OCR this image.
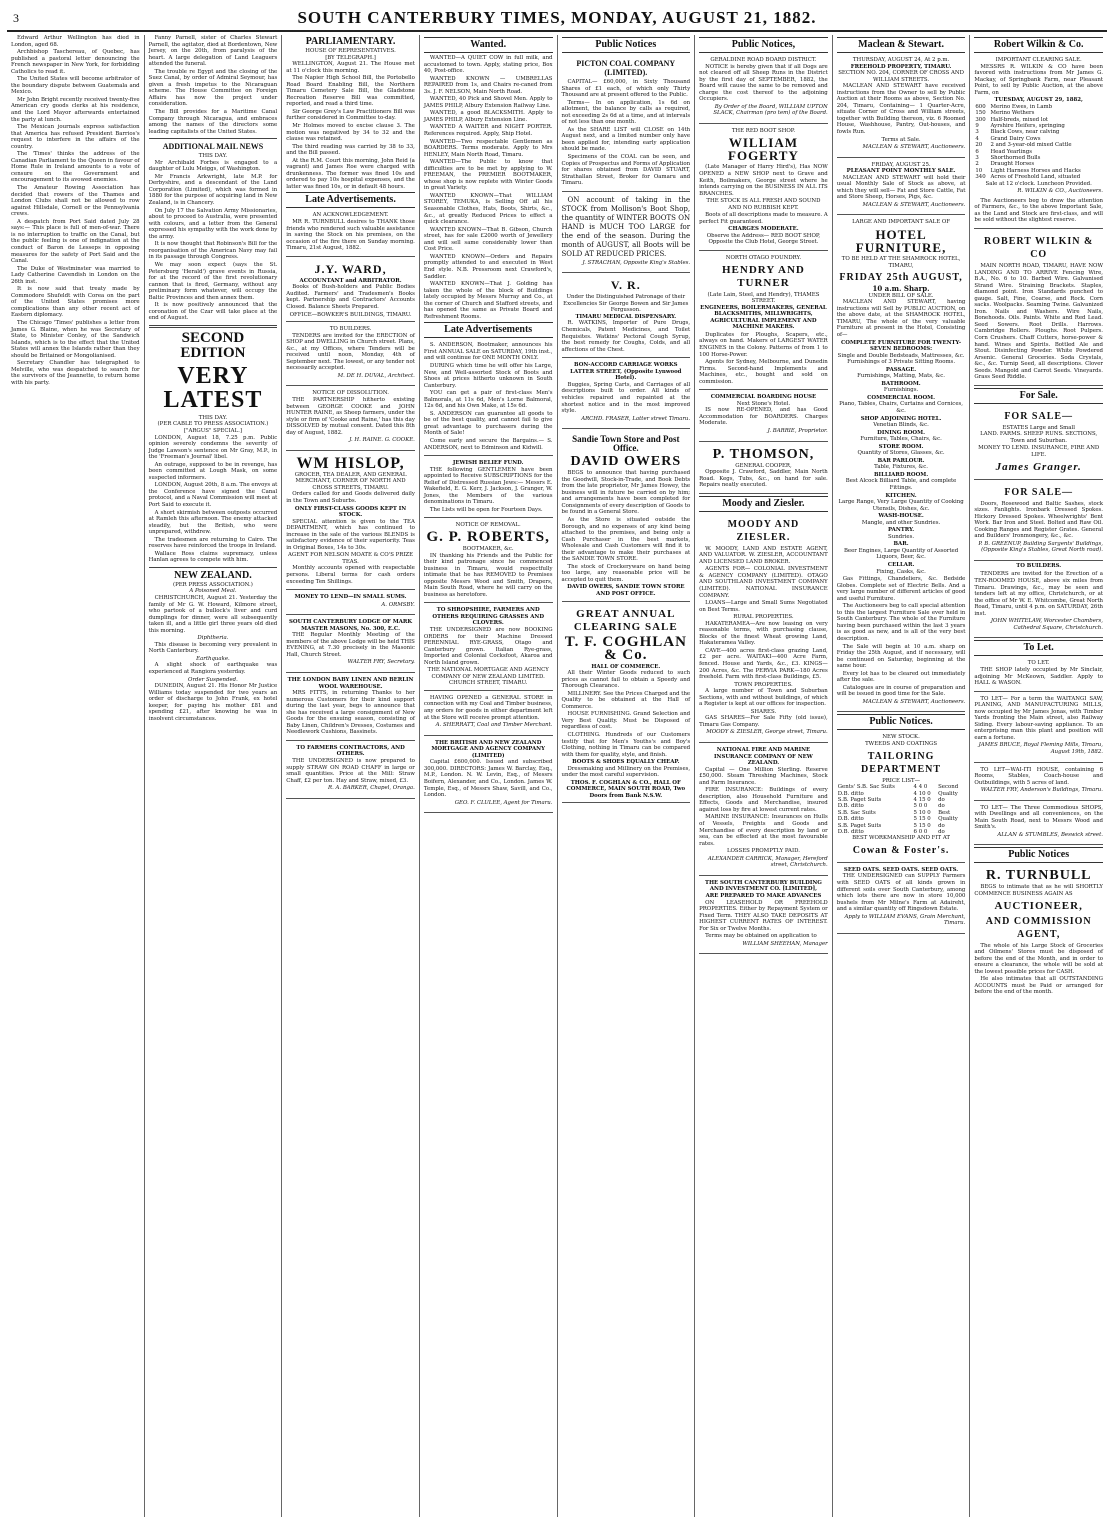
3	SOUTH CANTERBURY TIMES, MONDAY, AUGUST 21, 1882.

Edward Arthur Wellington has died in London, aged 68.

Archbishop Taschereau, of Quebec, has published a pastoral letter denouncing the French newspaper in New York, for forbidding Catholics to read it.

The United States will become arbitrator of the boundary dispute between Guatemala and Mexico.

Mr John Bright recently received twenty-five American cry goods clerks at his residence, and the Lord Mayor afterwards entertained the party at lunch.

The Mexican journals express satisfaction that America has refused President Barrios's request to interfere in the affairs of the country.

The 'Times' thinks the address of the Canadian Parliament to the Queen in favour of Home Rule in Ireland amounts to a vote of censure on the Government and encouragement to its avowed enemies.

The Amateur Rowing Association has decided that rowers of the Thames and London Clubs shall not be allowed to row against Hillsdale, Cornell or the Pennsylvania crews.

A despatch from Port Said dated July 28 says:— This place is full of men-of-war. There is no interruption to traffic on the Canal, but the public feeling is one of indignation at the conduct of Baron de Lesseps in opposing measures for the safety of Port Said and the Canal.

The Duke of Westminster was married to Lady Catherine Cavendish in London on the 26th inst.

It is now said that treaty made by Commodore Shufeldt with Corea on the part of the United States promises more complications than any other recent act of Eastern diplomacy.

The Chicago 'Times' publishes a letter from James G. Blaine, when he was Secretary of State, to Minister Conley, of the Sandwich Islands, which is to the effect that the United States will annex the Islands rather than they should be Britained or Mongolianised.

Secretary Chandler has telegraphed to Melville, who was despatched to search for the survivors of the Jeannette, to return home with his party.

Fanny Parnell, sister of Charles Stewart Parnell, the agitator, died at Bordentown, New Jersey, on the 20th, from paralysis of the heart. A large delegation of Land Leaguers attended the funeral.

The trouble re Egypt and the closing of the Suez Canal, by order of Admiral Seymour, has given a fresh impetus to the Nicaraguan scheme. The House Committee on Foreign Affairs has now the project under consideration.

The Bill provides for a Maritime Canal Company through Nicaragua, and embraces among the names of the directors some leading capitalists of the United States.

ADDITIONAL MAIL NEWS
THIS DAY.

Mr Archibald Forbes is engaged to a daughter of Lulu Meiggs, of Washington.

Mr Francis Arkwright, late M.P. for Derbyshire, and a descendant of the Land Corporation (Limited), which was formed in 1880 for the purpose of acquiring land in New Zealand, is in Chancery.

On July 17 the Salvation Army Missionaries, about to proceed to Australia, were presented with colours, and a letter from the General expressed his sympathy with the work done by the army.

It is now thought that Robinson's Bill for the reorganisation of the American Navy may fail in its passage through Congress.

We may soon expect (says the St. Petersburg 'Herald') grave events in Russia, for at the record of the first revolutionary cannon that is fired, Germany, without any preliminary form whatever, will occupy the Baltic Provinces and then annex them.

It is now positively announced that the coronation of the Czar will take place at the end of August.

SECOND EDITION
VERY LATEST
THIS DAY.
(PER CABLE TO PRESS ASSOCIATION.)
["ARGUS" SPECIAL.]

LONDON, August 18, 7.25 p.m. Public opinion severely condemns the severity of Judge Lawson's sentence on Mr Gray, M.P., in the 'Freeman's Journal' libel.

An outrage, supposed to be in revenge, has been committed at Lough Mask, on some suspected informers.

LONDON, August 20th, 8 a.m. The envoys at the Conference have signed the Canal protocol, and a Naval Commission will meet at Port Said to execute it.

A short skirmish between outposts occurred at Ramleh this afternoon. The enemy attacked steadily, but the British, who were unprepared, withdrew.

The tradesmen are returning to Cairo. The reserves have reinforced the troops in Ireland.

Wallace Ross claims supremacy, unless Hanlan agrees to compete with him.

NEW ZEALAND.
(PER PRESS ASSOCIATION.)
A Poisoned Meal.

CHRISTCHURCH, August 21. Yesterday the family of Mr G. W. Howard, Kilmore street, who partook of a bullock's liver and curd dumplings for dinner, were all subsequently taken ill, and a little girl three years old died this morning.

Diphtheria.

This disease is becoming very prevalent in North Canterbury.

Earthquake.

A slight shock of earthquake was experienced at Rangiora yesterday.

Order Suspended.

DUNEDIN, August 21. His Honor Mr Justice Williams today suspended for two years an order of discharge to John Frank, ex hotel keeper, for paying his mother £81 and spending £21, after knowing he was in insolvent circumstances.

PARLIAMENTARY.
HOUSE OF REPRESENTATIVES.
[BY TELEGRAPH.]

WELLINGTON, August 21. The House met at 11 o'clock this morning.

The Napier High School Bill, the Portobello Road Board Enabling Bill, the Northern Timaru Cemetery Sale Bill, the Gladstone Recreation Reserve Bill was committed, reported, and read a third time.

Sir George Grey's Law Practitioners Bill was further considered in Committee to-day.

Mr Holmes moved to excise clause 3. The motion was negatived by 34 to 32 and the clause was retained.

The third reading was carried by 38 to 33, and the Bill passed.

At the R.M. Court this morning, John Reid (a vagrant) and James Roe were charged with drunkenness. The former was fined 10s and ordered to pay 10s hospital expenses, and the latter was fined 10s, or in default 48 hours.

Late Advertisements.
AN ACKNOWLEDGEMENT.

MR R. TURNBULL desires to THANK those friends who rendered such valuable assistance in saving the Stock on his premises, on the occasion of the fire there on Sunday morning. Timaru, 21st August, 1882.

J.Y. WARD,
ACCOUNTANT and ARBITRATOR.

Books of Bush-holders and Public Bodies Audited. Farmers' and Tradesmen's Books kept. Partnership and Contractors' Accounts Closed. Balance Sheets Prepared.

OFFICE—BOWKER'S BUILDINGS, TIMARU.
TO BUILDERS.

TENDERS are invited for the ERECTION of SHOP and DWELLING in Church street. Plans, &c., at my Offices, where Tenders will be received until noon, Monday, 4th of September next. The lowest, or any tender not necessarily accepted.

M. DE H. DUVAL, Architect.
NOTICE OF DISSOLUTION.

THE PARTNERSHIP hitherto existing between GEORGE COOKE and JOHN HUNTER RAINE, as Sheep farmers, under the style or firm of 'Cooke and Raine,' has this day DISSOLVED by mutual consent. Dated this 8th day of August, 1882.

J. H. RAINE. G. COOKE.
WM HISLOP,
GROCER, TEA DEALER, AND GENERAL MERCHANT, CORNER OF NORTH AND CROSS STREETS, TIMARU.

Orders called for and Goods delivered daily in the Town and Suburbs.

ONLY FIRST-CLASS GOODS KEPT IN STOCK.

SPECIAL attention is given to the TEA DEPARTMENT, which has continued to increase in the sale of the various BLENDS is satisfactory evidence of their superiority. Teas in Original Boxes, 14s to 30s.

AGENT FOR NELSON MOATE & CO'S PRIZE TEAS.

Monthly accounts opened with respectable persons. Liberal terms for cash orders exceeding Ten Shillings.

MONEY TO LEND—IN SMALL SUMS.
A. ORMSBY.
SOUTH CANTERBURY LODGE OF MARK MASTER MASONS, No. 300, E.C.

THE Regular Monthly Meeting of the members of the above Lodge will be held THIS EVENING, at 7.30 precisely in the Masonic Hall, Church Street.

WALTER FRY, Secretary.
THE LONDON BABY LINEN AND BERLIN WOOL WAREHOUSE.

MRS FITTS, in returning Thanks to her numerous Customers for their kind support during the last year, begs to announce that she has received a large consignment of New Goods for the ensuing season, consisting of Baby Linen, Children's Dresses, Costumes and Needlework Cushions, Bassinets.

TO FARMERS CONTRACTORS, AND OTHERS.

THE UNDERSIGNED is now prepared to supply STRAW ON ROAD CHAFF in large or small quantities. Price at the Mill: Straw Chaff, £2 per ton. Hay and Straw, mixed, £3.

R. A. BARKER, Chapel, Oranga.
Wanted.

WANTED—A QUIET COW in full milk, and accustomed to town. Apply, stating price, Box 40, Post-office.

WANTED KNOWN — UMBRELLAS REPAIRED from 1s, and Chairs re-caned from 3s. J. F. NELSON, Main North Road.

WANTED, 40 Pick and Shovel Men. Apply to JAMES PHILP, Albury Extension Railway Line.

WANTED, a good BLACKSMITH. Apply to JAMES PHILP, Albury Extension Line.

WANTED A WAITER and NIGHT PORTER. References required. Apply, Ship Hotel.

WANTED—Two respectable Gentlemen as BOARDERS. Terms moderate. Apply to Mrs HENLEY, Main North Road, Timaru.

WANTED—The Public to know that difficulties are to be met by applying to W. FREEMAN, the PREMIER BOOTMAKER, whose shop is now replete with Winter Goods in great Variety.

WANTED KNOWN—That WILLIAM STOREY, TEMUKA, is Selling Off all his Seasonable Clothes, Hats, Boots, Shirts, &c., &c., at greatly Reduced Prices to effect a quick clearance.

WANTED KNOWN—That B. Gibson, Church street, has for sale £2000 worth of Jewellery and will sell same considerably lower than Cost Price.

WANTED KNOWN—Orders and Repairs promptly attended to and executed in West End style. N.B. Pressroom next Crawford's, Saddler.

WANTED KNOWN—That J. Golding has taken the whole of the block of Buildings lately occupied by Messrs Murray and Co., at the corner of Church and Stafford streets, and has opened the same as Private Board and Refreshment Rooms.

Late Advertisements

S. ANDERSON, Bootmaker, announces his First ANNUAL SALE on SATURDAY, 19th inst., and will continue for ONE MONTH ONLY.

DURING which time he will offer his Large, New, and Well-assorted Stock of Boots and Shoes at prices hitherto unknown in South Canterbury.

YOU can get a pair of first-class Men's Balmorals, at 11s 6d, Men's Lorne Balmoral, 12s 6d, and his Own Make, at 15s 6d.

S. ANDERSON can guarantee all goods to be of the best quality, and cannot fail to give great advantage to purchasers during the Month of Sale!

Come early and secure the Bargains.— S. ANDERSON, next to Edminson and Kidwill.

JEWISH BELIEF FUND.

THE following GENTLEMEN have been appointed to Receive SUBSCRIPTIONS for the Relief of Distressed Russian Jews:— Messrs E. Wakefield, E. G. Kerr, J. Jackson, J. Granger, W. Jones, the Members of the various denominations in Timaru.

The Lists will be open for Fourteen Days.

NOTICE OF REMOVAL.
G. P. ROBERTS,
BOOTMAKER, &c.

IN thanking his Friends and the Public for their kind patronage since he commenced business in Timaru, would respectfully intimate that he has REMOVED to Premises opposite Messrs Wood and Smith, Drapers, Main South Road, where he will carry on the business as heretofore.

TO SHROPSHIRE, FARMERS AND OTHERS REQUIRING GRASSES AND CLOVERS.

THE UNDERSIGNED are now BOOKING ORDERS for their Machine Dressed PERENNIAL RYE-GRASS, Otago and Canterbury grown. Italian Rye-grass, Imported and Colonial Cocksfoot, Akaroa and North Island grown.

THE NATIONAL MORTGAGE AND AGENCY COMPANY OF NEW ZEALAND LIMITED. CHURCH STREET, TIMARU.

HAVING OPENED a GENERAL STORE in connection with my Coal and Timber business, any orders for goods in either department left at the Store will receive prompt attention.

A. SHERRATT, Coal and Timber Merchant.
THE BRITISH AND NEW ZEALAND MORTGAGE AND AGENCY COMPANY (LIMITED)

Capital £600,000. Issued and subscribed 300,000. DIRECTORS: James W. Barclay, Esq., M.P., London. N. W. Levin, Esq., of Messrs Boifern, Alexander, and Co., London. James W. Temple, Esq., of Messrs Shaw, Savill, and Co., London.

GEO. F. CLULEE, Agent for Timaru.
Public Notices
PICTON COAL COMPANY (LIMITED).

CAPITAL— £60,000, in Sixty Thousand Shares of £1 each, of which only Thirty Thousand are at present offered to the Public.

Terms— In on application, 1s 6d on allotment, the balance by calls as required, not exceeding 2s 6d at a time, and at intervals of not less than one month.

As the SHARE LIST will CLOSE on 14th August next, and a limited number only have been applied for, intending early application should be made.

Specimens of the COAL can be seen, and Copies of Prospectus and Forms of Application for shares obtained from DAVID STUART, Strathallan Street, Broker for Oamaru and Timaru.

ON account of taking in the STOCK from Mollison's Boot Shop, the quantity of WINTER BOOTS ON HAND is MUCH TOO LARGE for the end of the season. During the month of AUGUST, all Boots will be SOLD AT REDUCED PRICES.

J. STRACHAN, Opposite King's Stables.
V. R.
Under the Distinguished Patronage of their Excellencies Sir George Bowen and Sir James Fergusson.
TIMARU MEDICAL DISPENSARY.

R. WATKINS, Importer of Pure Drugs, Chemicals, Patent Medicines, and Toilet Requisites. Watkins' Pectoral Cough Syrup, the best remedy for Coughs, Colds, and all affections of the Chest.

BON-ACCORD CARRIAGE WORKS LATTER STREET, (Opposite Lynwood Hotel).

Buggies, Spring Carts, and Carriages of all descriptions built to order. All kinds of vehicles repaired and repainted at the shortest notice and in the most improved style.

ARCHD. FRASER, Latter street Timaru.
Sandie Town Store and Post Office.
DAVID OWERS

BEGS to announce that having purchased the Goodwill, Stock-in-Trade, and Book Debts from the late proprietor, Mr James Howey, the business will in future be carried on by him; and arrangements have been completed for Consignments of every description of Goods to be found in a General Store.

As the Store is situated outside the Borough, and no expenses of any kind being attached to the premises, and being only a Cash Purchaser in the best markets, Wholesale and Cash Customers will find it to their advantage to make their purchases at the SANDIE TOWN STORE.

The stock of Crockeryware on hand being too large, any reasonable price will be accepted to quit them.

DAVID OWERS, SANDIE TOWN STORE AND POST OFFICE.
GREAT ANNUAL CLEARING SALE
T. F. COGHLAN & Co.
HALL OF COMMERCE.

All their Winter Goods reduced to such prices as cannot fail to obtain a Speedy and Thorough Clearance.

MILLINERY. See the Prices Charged and the Quality to be obtained at the Hall of Commerce.

HOUSE FURNISHING. Grand Selection and Very Best Quality. Must be Disposed of regardless of cost.

CLOTHING. Hundreds of our Customers testify that for Men's Youths's and Boy's Clothing, nothing in Timaru can be compared with them for quality, style, and finish.

BOOTS & SHOES EQUALLY CHEAP.

Dressmaking and Millinery on the Premises, under the most careful supervision.

THOS. F. COGHLAN & CO., HALL OF COMMERCE, MAIN SOUTH ROAD, Two Doors from Bank N.S.W.
Public Notices,
GERALDINE ROAD BOARD DISTRICT.

NOTICE is hereby given that if all Dogs are not cleared off all Sheep Runs in the District by the first day of SEPTEMBER, 1882, the Board will cause the same to be removed and charge the cost thereof to the adjoining Occupiers.

By Order of the Board, WILLIAM UPTON SLACK, Chairman (pro tem) of the Board.
THE RED BOOT SHOP.
WILLIAM FOGERTY

(Late Manager of Harry Hird's), Has NOW OPENED a NEW SHOP next to Grave and Keith, Boilmakers, George street where he intends carrying on the BUSINESS IN ALL ITS BRANCHES.

THE STOCK IS ALL FRESH AND SOUND AND NO RUBBISH KEPT.

Boots of all descriptions made to measure. A perfect Fit guaranteed.

CHARGES MODERATE.

Observe the Address— RED BOOT SHOP, Opposite the Club Hotel, George Street.

NORTH OTAGO FOUNDRY.
HENDRY AND TURNER
(Late Lain, Steel, and Hendry), THAMES STREET.

ENGINEERS, BOILERMAKERS, GENERAL BLACKSMITHS, MILLWRIGHTS, AGRICULTURAL IMPLEMENT AND MACHINE MAKERS.

Duplicates for Ploughs, Scapers, etc., always on hand. Makers of LARGEST WATER ENGINES in the Colony. Patterns of from 1 to 100 Horse-Power.

Agents for Sydney, Melbourne, and Dunedin Firms. Second-hand Implements and Machines, etc., bought and sold on commission.

COMMERCIAL BOARDING HOUSE
Next Stone's Hotel.

IS now RE-OPENED, and has Good Accommodation for BOARDERS. Charges Moderate.

J. BARRIE, Proprietor.
P. THOMSON,
GENERAL COOPER,

Opposite J. Crawford, Saddler, Main North Road. Kegs, Tubs, &c., on hand for sale. Repairs neatly executed.

Moody and Ziesler.
MOODY AND ZIESLER.

W. MOODY, LAND AND ESTATE AGENT, AND VALUATOR. W. ZIESLER, ACCOUNTANT AND LICENSED LAND BROKER.

AGENTS FOR— COLONIAL INVESTMENT & AGENCY COMPANY (LIMITED). OTAGO AND SOUTHLAND INVESTMENT COMPANY (LIMITED). NATIONAL INSURANCE COMPANY.

LOANS—Large and Small Sums Negotiated on Best Terms.

RURAL PROPERTIES.

HAKATERAMEA—Are now leasing on very reasonable terms, with purchasing clause, Blocks of the finest Wheat growing Land, Hakateramea Valley.

CAVE—400 acres first-class grazing Land, £2 per acre. WAITAKI—400 Acre Farm, fenced. House and Yards, &c., £3. KINGS—200 Acres, &c. The PERVIA PARK—180 Acres freehold. Farm with first-class Buildings, £5.

TOWN PROPERTIES.

A large number of Town and Suburban Sections, with and without buildings, of which a Register is kept at our offices for inspection.

SHARES.

GAS SHARES—For Sale Fifty (old issue), Timaru Gas Company.

MOODY & ZIESLER, George street, Timaru.
NATIONAL FIRE AND MARINE INSURANCE COMPANY OF NEW ZEALAND.

Capital — One Million Sterling. Reserve £50,000. Steam Threshing Machines, Stock and Farm Insurance.

FIRE INSURANCE: Buildings of every description, also Household Furniture and Effects, Goods and Merchandise, insured against loss by fire at lowest current rates.

MARINE INSURANCE: Insurances on Hulls of Vessels, Freights and Goods and Merchandise of every description by land or sea, can be effected at the most favourable rates.

LOSSES PROMPTLY PAID.
ALEXANDER CARRICK, Manager, Hereford street, Christchurch.
THE SOUTH CANTERBURY BUILDING AND INVESTMENT CO. [LIMITED],
ARE PREPARED TO MAKE ADVANCES

ON LEASEHOLD OR FREEHOLD PROPERTIES. Either by Repayment System or Fixed Term. THEY ALSO TAKE DEPOSITS AT HIGHEST CURRENT RATES OF INTEREST. For Six or Twelve Months.

Terms may be obtained on application to

WILLIAM SHEEHAN, Manager
Maclean & Stewart.
THURSDAY, AUGUST 24, At 2 p.m.
FREEHOLD PROPERTY, TIMARU.
SECTION NO. 204, CORNER OF CROSS AND WILLIAM STREETS.

MACLEAN AND STEWART have received instructions from the Owner to sell by Public Auction at their Rooms as above, Section No. 204, Timaru, Containing— 1 Quarter-Acre, situate Corner of Cross and William streets, together with Building thereon, viz. 6 Roomed House, Washhouse, Pantry, Out-houses, and fowls Run.

Terms at Sale.
MACLEAN & STEWART, Auctioneers.
FRIDAY, AUGUST 25.
PLEASANT POINT MONTHLY SALE.

MACLEAN AND STEWART will hold their usual Monthly Sale of Stock as above, at which they will sell— Fat and Store Cattle, Fat and Store Sheep, Horses, Pigs, &c.

MACLEAN & STEWART, Auctioneers.
LARGE AND IMPORTANT SALE OF
HOTEL FURNITURE,
TO BE HELD AT THE SHAMROCK HOTEL, TIMARU,
FRIDAY 25th AUGUST,
10 a.m. Sharp.
UNDER BILL OF SALE.

MACLEAN AND STEWART, having instructions will Sell by PUBLIC AUCTION, on the above date, at the SHAMROCK HOTEL, TIMARU, The whole of the very valuable Furniture at present in the Hotel, Consisting of—

COMPLETE FURNITURE FOR TWENTY-SEVEN BEDROOMS:

Single and Double Bedsteads, Mattresses, &c. Furnishings of 3 Private Sitting Rooms.

PASSAGE.

Furnishings, Matting, Mats, &c.

BATHROOM.

Furnishings.

COMMERCIAL ROOM.

Piano, Tables, Chairs, Curtains and Cornices, &c.

SHOP ADJOINING HOTEL.

Venetian Blinds, &c.

DINING ROOM.

Furniture, Tables, Chairs, &c.

STORE ROOM.

Quantity of Stores, Glasses, &c.

BAR PARLOUR.

Table, Fixtures, &c.

BILLIARD ROOM.

Best Alcock Billiard Table, and complete Fittings.

KITCHEN.

Large Range, Very Large Quantity of Cooking Utensils, Dishes, &c.

WASH-HOUSE.

Mangle, and other Sundries.

PANTRY.

Sundries.

BAR.

Beer Engines, Large Quantity of Assorted Liquors, Beer, &c.

CELLAR.

Fixing, Casks, &c.

Gas Fittings, Chandeliers, &c. Bedside Globes. Complete set of Electric Bells. And a very large number of different articles of good and useful Furniture.

The Auctioneers beg to call special attention to this the largest Furniture Sale ever held in South Canterbury. The whole of the Furniture having been purchased within the last 3 years is as good as new, and is all of the very best description.

The Sale will begin at 10 a.m. sharp on Friday the 25th August, and if necessary, will be continued on Saturday, beginning at the same hour.

Every lot has to be cleared out immediately after the sale.

Catalogues are in course of preparation and will be issued in good time for the Sale.

MACLEAN & STEWART, Auctioneers.
Public Notices.
NEW STOCK.
TWEEDS AND COATINGS
TAILORING DEPARTMENT
PRICE LIST—
Gents' S.B. Sac Suits	4 4 0	Second
D.B. ditto	4 10 0	Quality
S.B. Paget Suits	4 15 0	do
D.B. ditto	5 0 0	do
S.B. Sac Suits	5 10 0	Best
D.B. ditto	5 15 0	Quality
S.B. Paget Suits	5 15 0	do
D.B. ditto	6 0 0	do
BEST WORKMANSHIP AND FIT AT
Cowan & Foster's.
SEED OATS. SEED OATS. SEED OATS.

THE UNDERSIGNED can SUPPLY Farmers with SEED OATS of all kinds grown in different soils over South Canterbury, among which lots there are now in store 10,000 bushels from Mr Milne's Farm at Adaireht, and a similar quantity off Ringsdown Estate.

Apply to WILLIAM EVANS, Grain Merchant, Timaru.
Robert Wilkin & Co.
IMPORTANT CLEARING SALE.

MESSRS R. WILKIN & CO have been favored with instructions from Mr James G. Mackay, of Springbank Farm, near Pleasant Point, to sell by Public Auction, at the above Farm, on

TUESDAY, AUGUST 29, 1882,
600	Merino Ewes, in Lamb
150	Merino Wethers
300	Half-breds, mixed lot
9	Ayrshire Heifers, springing
3	Black Cows, near calving
4	Grand Dairy Cows
20	2 and 3-year-old mixed Cattle
6	Head Yearlings
3	Shorthorned Bulls
2	Draught Horses
10	Light Harness Horses and Hacks
340	Acres of Freehold Land, situated

Sale at 12 o'clock. Luncheon Provided.

R. WILKIN & CO., Auctioneers.

The Auctioneers beg to draw the attention of Farmers, &c., to the above Important Sale, as the Land and Stock are first-class, and will be sold without the slightest reserve.

ROBERT WILKIN & CO

MAIN NORTH ROAD, TIMARU, HAVE NOW LANDING AND TO ARRIVE Fencing Wire, B.A., No. 6 to 10. Barbed Wire. Galvanised Strand Wire. Straining Brackets. Staples, diamond point. Iron Standards punched to gauge. Salt, Fine, Coarse, and Rock. Corn sacks. Woolpacks. Seaming Twine. Galvanized Iron. Nails and Washers. Wire Nails, Bonehoods. Oils. Paints. White and Red Lead. Seed Sowers. Root Drills. Harrows. Cambridge Rollers. Ploughs. Root Pulpers. Corn Crushers. Chaff Cutters, horse-power & hand. Wines and Spirits. Bottled Ale and Stout. Disinfecting Powder. White Powdered Arsenic. General Groceries. Soda Crystals, &c., &c. Turnip Seed, all descriptions. Clover Seeds. Mangold and Carrot Seeds. Vineyards. Grass Seed Riddle.

For Sale.
FOR SALE—
ESTATES Large and Small

LAND. FARMS. SHEEP RUNS. SECTIONS, Town and Suburban.

MONEY TO LEND. INSURANCE, FIRE AND LIFE.

James Granger.
FOR SALE—

Doors, Rosewood and Baltic Sashes, stock sizes. Fanlights. Ironbark Dressed Spokes. Hickory Dressed Spokes. Wheelwrights' Bent Work. Bar Iron and Steel. Bolted and Raw Oil. Cooking Ranges and Register Grates. General and Builders' Ironmongery, &c., &c.

P. B. GREENUP, Building Sargents' Buildings, (Opposite King's Stables, Great North road).
TO BUILDERS.

TENDERS are invited for the Erection of a TEN-ROOMED HOUSE, above six miles from Timaru. Drawings, &c., may be seen and tenders left at my office, Christchurch, or at the office of Mr W. E. Whitcombe, Great North Road, Timaru, until 4 p.m. on SATURDAY, 26th inst.

JOHN WHITELAW, Worcester Chambers, Cathedral Square, Christchurch.
To Let.
TO LET.

THE SHOP lately occupied by Mr Sinclair, adjoining Mr McKeown, Saddler. Apply to HALL & WASON.

TO LET— For a term the WAITANGI SAW, PLANING, AND MANUFACTURING MILLS, now occupied by Mr James Jonas, with Timber Yards fronting the Main street, also Railway Siding. Every labour-saving appliance. To an enterprising man this plant and position will earn a fortune.

JAMES BRUCE, Royal Fleming Mills, Timaru, August 19th, 1882.

TO LET—WAI-ITI HOUSE, containing 6 Rooms, Stables, Coach-house and Outbuildings, with 5 acres of land.

WALTER FRY, Anderson's Buildings, Timaru.

TO LET— The Three Commodious SHOPS, with Dwellings and all conveniences, on the Main South Road, next to Messrs Wood and Smith's.

ALLAN & STUMBLES, Beswick street.
Public Notices
R. TURNBULL

BEGS to intimate that as he will SHORTLY COMMENCE BUSINESS AGAIN AS

AUCTIONEER,
AND COMMISSION AGENT,

The whole of his Large Stock of Groceries and Oilmens' Stores must be disposed of before the end of the Month, and in order to ensure a clearance, the whole will be sold at the lowest possible prices for CASH.

He also intimates that all OUTSTANDING ACCOUNTS must be Paid or arranged for before the end of the month.
